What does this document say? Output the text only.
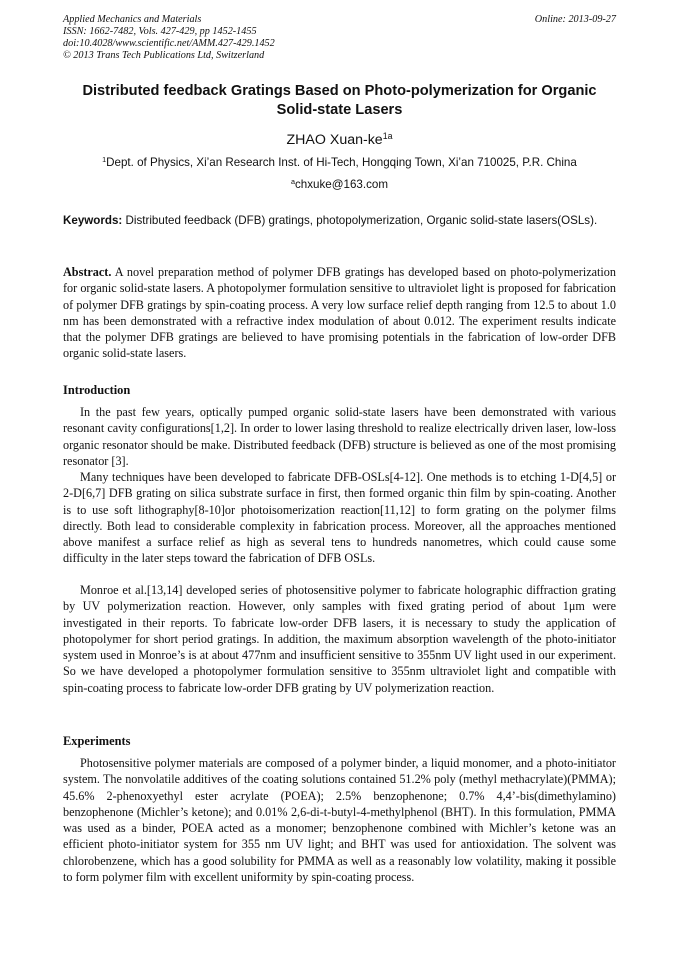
Applied Mechanics and Materials
ISSN: 1662-7482, Vols. 427-429, pp 1452-1455
doi:10.4028/www.scientific.net/AMM.427-429.1452
© 2013 Trans Tech Publications Ltd, Switzerland
Online: 2013-09-27
Distributed feedback Gratings Based on Photo-polymerization for Organic Solid-state Lasers
ZHAO Xuan-$ke^{1a}$
$^1$Dept. of Physics, Xi’an Research Inst. of Hi-Tech, Hongqing Town, Xi’an 710025, P.R. China
$^a$chxuke@163.com
Keywords: Distributed feedback (DFB) gratings, photopolymerization, Organic solid-state lasers(OSLs).
Abstract. A novel preparation method of polymer DFB gratings has developed based on photo-polymerization for organic solid-state lasers. A photopolymer formulation sensitive to ultraviolet light is proposed for fabrication of polymer DFB gratings by spin-coating process. A very low surface relief depth ranging from 12.5 to about 1.0 nm has been demonstrated with a refractive index modulation of about 0.012. The experiment results indicate that the polymer DFB gratings are believed to have promising potentials in the fabrication of low-order DFB organic solid-state lasers.
Introduction
In the past few years, optically pumped organic solid-state lasers have been demonstrated with various resonant cavity configurations[1,2]. In order to lower lasing threshold to realize electrically driven laser, low-loss organic resonator should be make. Distributed feedback (DFB) structure is believed as one of the most promising resonator [3].
Many techniques have been developed to fabricate DFB-OSLs[4-12]. One methods is to etching 1-D[4,5] or 2-D[6,7] DFB grating on silica substrate surface in first, then formed organic thin film by spin-coating. Another is to use soft lithography[8-10]or photoisomerization reaction[11,12] to form grating on the polymer films directly. Both lead to considerable complexity in fabrication process. Moreover, all the approaches mentioned above manifest a surface relief as high as several tens to hundreds nanometres, which could cause some difficulty in the later steps toward the fabrication of DFB OSLs.
Monroe et al.[13,14] developed series of photosensitive polymer to fabricate holographic diffraction grating by UV polymerization reaction. However, only samples with fixed grating period of about 1μm were investigated in their reports. To fabricate low-order DFB lasers, it is necessary to study the application of photopolymer for short period gratings. In addition, the maximum absorption wavelength of the photo-initiator system used in Monroe’s is at about 477nm and insufficient sensitive to 355nm UV light used in our experiment. So we have developed a photopolymer formulation sensitive to 355nm ultraviolet light and compatible with spin-coating process to fabricate low-order DFB grating by UV polymerization reaction.
Experiments
Photosensitive polymer materials are composed of a polymer binder, a liquid monomer, and a photo-initiator system. The nonvolatile additives of the coating solutions contained 51.2% poly (methyl methacrylate)(PMMA); 45.6% 2-phenoxyethyl ester acrylate (POEA); 2.5% benzophenone; 0.7% 4,4’-bis(dimethylamino) benzophenone (Michler’s ketone); and 0.01% 2,6-di-t-butyl-4-methylphenol (BHT). In this formulation, PMMA was used as a binder, POEA acted as a monomer; benzophenone combined with Michler’s ketone was an efficient photo-initiator system for 355 nm UV light; and BHT was used for antioxidation. The solvent was chlorobenzene, which has a good solubility for PMMA as well as a reasonably low volatility, making it possible to form polymer film with excellent uniformity by spin-coating process.
